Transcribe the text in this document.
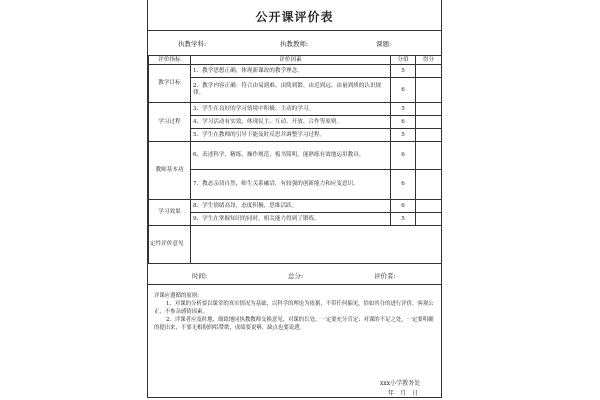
公开课评价表
执教学科:	执教教师:	课题:
评价指标	评价因素	分值	得分
教学目标	1、教学思想正确，体现新课改的教学理念。	5	
	2、教学内容正确：符合由易到难、由简到繁、由近到远、由量到质的认识规律。	6	
学习过程	3、学生在良好的学习情境中积极、主动的学习。	5	
	4、学习活动有实效，体现民主、互动、开放、合作等原则。	6	
	5、学生在教师的引导下能及时反思并调整学习过程。	5	
教师基本功	6、表述科学、精练、操作规范，板书简明，能熟练有效地运用教具。	6	
	7、教态亲切自然，师生关系融洽，有较强的创新能力和应变意识。	6	
学习效果	8、学生情绪高昂，态度积极，思维活跃。	6	
	9、学生在掌握知识的同时，相关能力得到了锻炼。	5	
定性评价意见			
时间:	总分:	评价者:

评课应遵循的原则:

1、对课的分析要以课堂的真实情况为基础，以科学的理论为依据，不带任何偏见，恰如其分的进行评价，客观公正，不参杂感情因素。

2、评课者应及时地、细致地同执教教师交换意见，对课的长处、一定要充分肯定；对课的不足之处，一定要明确的提出来，不要无根据的唱赞歌，成绩要说够，缺点也要说透。

xxx小学教务处
年　月　日
